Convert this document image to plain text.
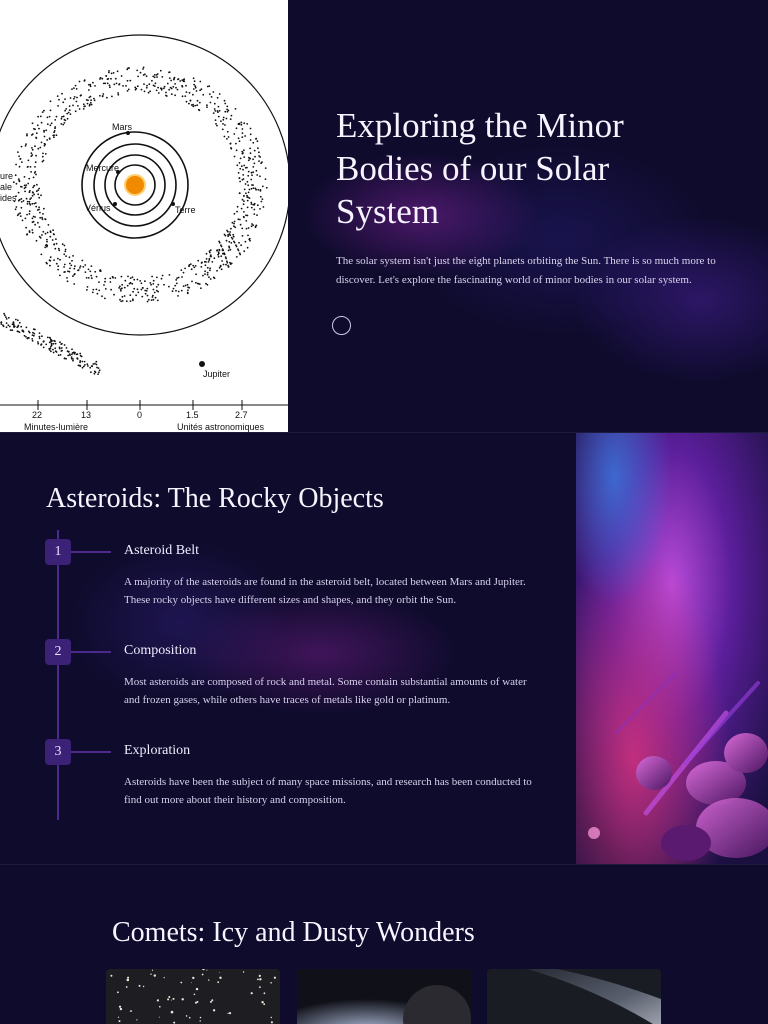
Mars
Mercure
Vénus	Terre
Jupiter
ure
ale
ides
22	13	0	1.5	2.7
Minutes-lumière	Unités astronomiques
Exploring the Minor Bodies of our Solar System

The solar system isn't just the eight planets orbiting the Sun. There is so much more to discover. Let's explore the fascinating world of minor bodies in our solar system.

Asteroids: The Rocky Objects
1	Asteroid Belt
A majority of the asteroids are found in the asteroid belt, located between Mars and Jupiter. These rocky objects have different sizes and shapes, and they orbit the Sun.
2	Composition
Most asteroids are composed of rock and metal. Some contain substantial amounts of water and frozen gases, while others have traces of metals like gold or platinum.
3	Exploration
Asteroids have been the subject of many space missions, and research has been conducted to find out more about their history and composition.
Comets: Icy and Dusty Wonders
